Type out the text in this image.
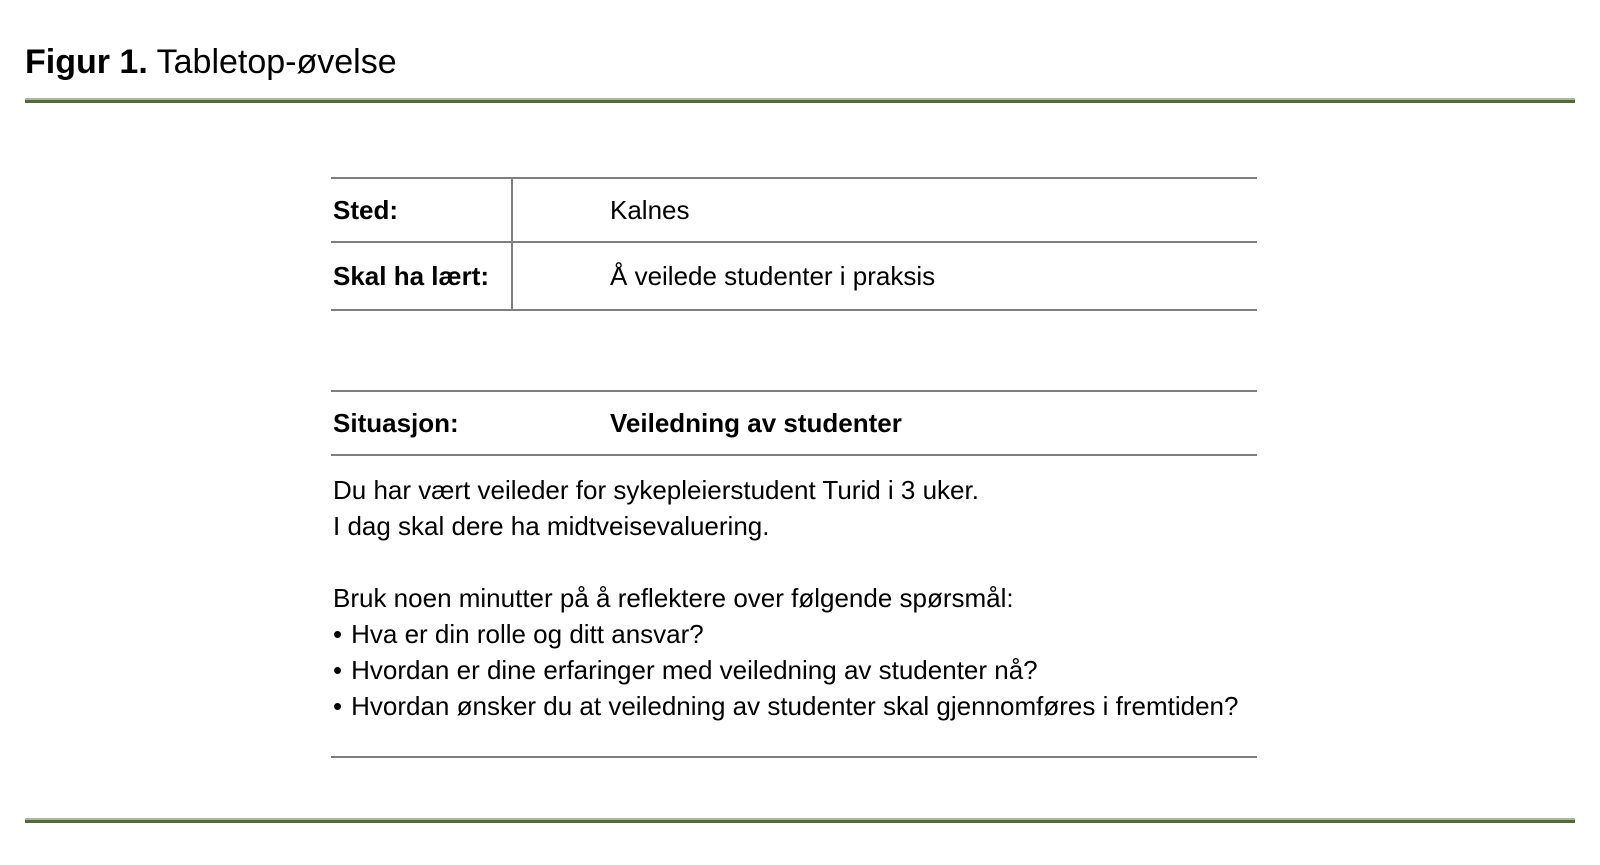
Figur 1. Tabletop-øvelse
Sted:	Kalnes
Skal ha lært:	Å veilede studenter i praksis
Situasjon:	Veiledning av studenter
Du har vært veileder for sykepleierstudent Turid i 3 uker.
I dag skal dere ha midtveisevaluering.
Bruk noen minutter på å reflektere over følgende spørsmål:
• Hva er din rolle og ditt ansvar?
• Hvordan er dine erfaringer med veiledning av studenter nå?
• Hvordan ønsker du at veiledning av studenter skal gjennomføres i fremtiden?
